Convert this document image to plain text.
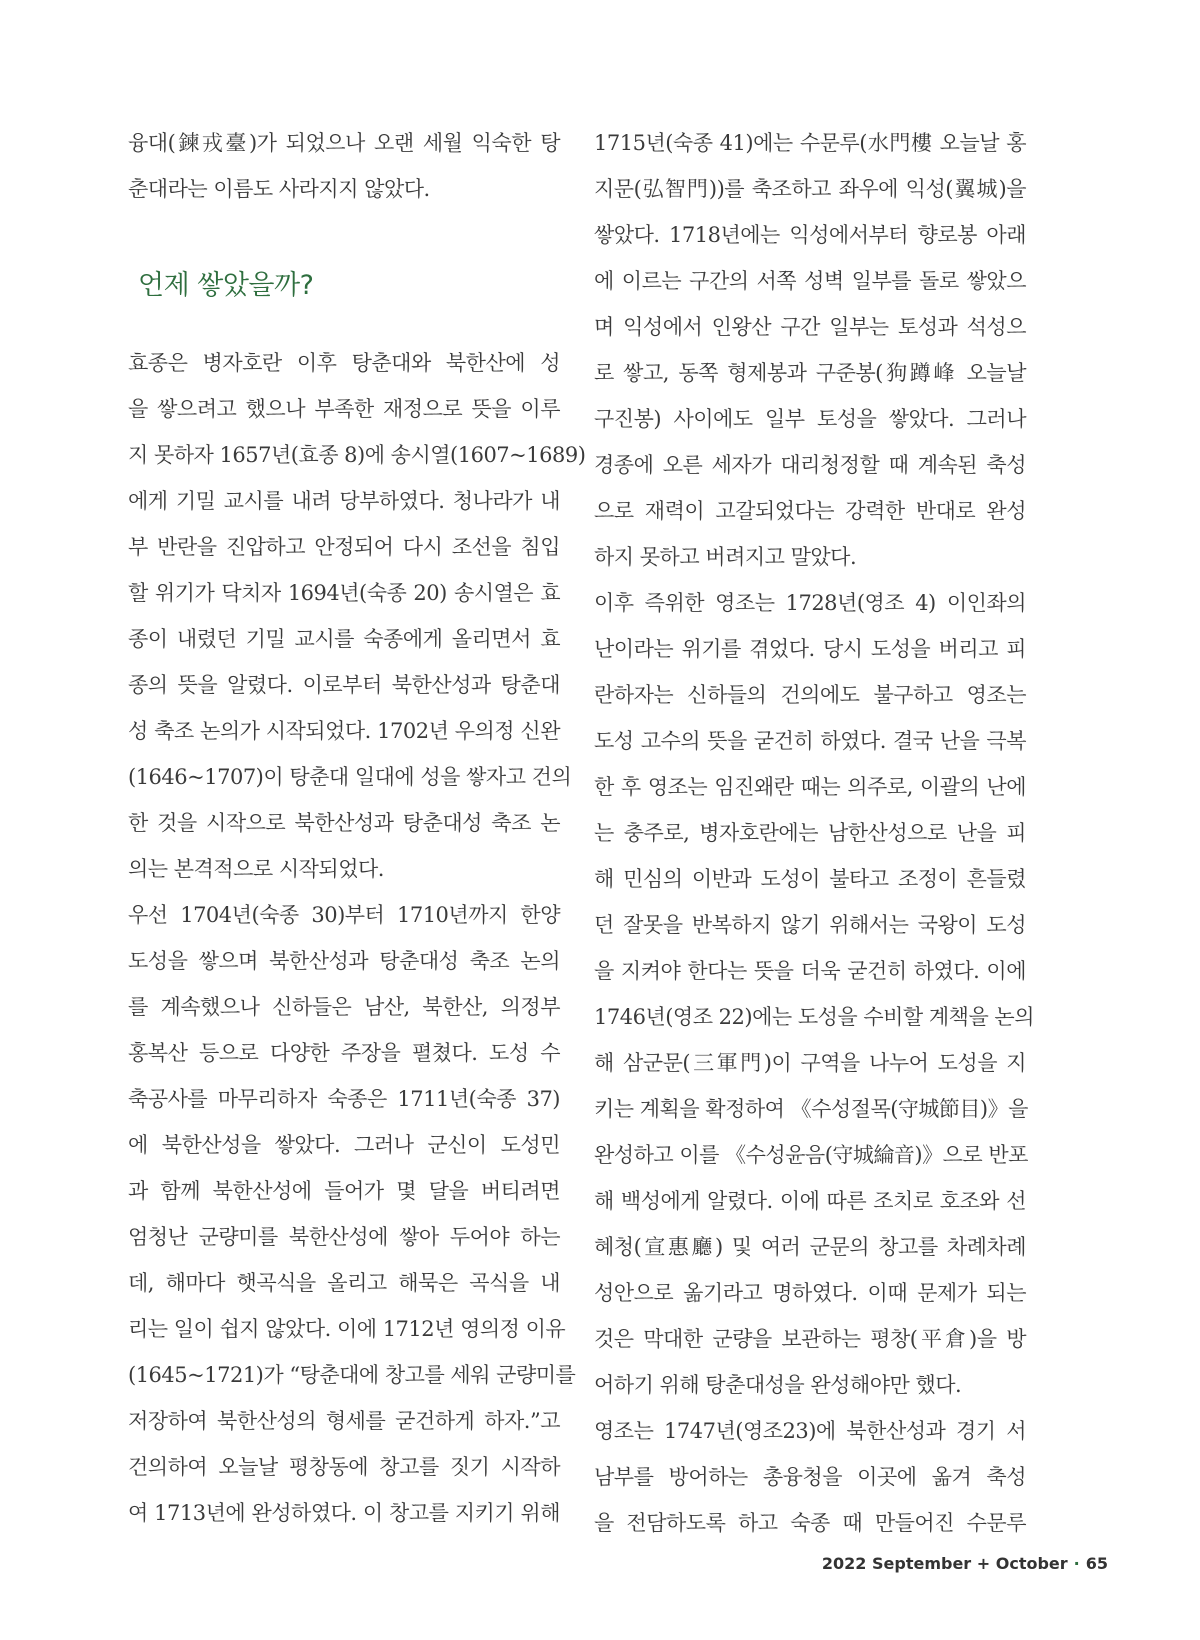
융대(鍊戎臺)가 되었으나 오랜 세월 익숙한 탕
춘대라는 이름도 사라지지 않았다.
언제 쌓았을까?
효종은 병자호란 이후 탕춘대와 북한산에 성
을 쌓으려고 했으나 부족한 재정으로 뜻을 이루
지 못하자 1657년(효종 8)에 송시열(1607~1689)
에게 기밀 교시를 내려 당부하였다. 청나라가 내
부 반란을 진압하고 안정되어 다시 조선을 침입
할 위기가 닥치자 1694년(숙종 20) 송시열은 효
종이 내렸던 기밀 교시를 숙종에게 올리면서 효
종의 뜻을 알렸다. 이로부터 북한산성과 탕춘대
성 축조 논의가 시작되었다. 1702년 우의정 신완
(1646~1707)이 탕춘대 일대에 성을 쌓자고 건의
한 것을 시작으로 북한산성과 탕춘대성 축조 논
의는 본격적으로 시작되었다.
우선 1704년(숙종 30)부터 1710년까지 한양
도성을 쌓으며 북한산성과 탕춘대성 축조 논의
를 계속했으나 신하들은 남산, 북한산, 의정부
홍복산 등으로 다양한 주장을 펼쳤다. 도성 수
축공사를 마무리하자 숙종은 1711년(숙종 37)
에 북한산성을 쌓았다. 그러나 군신이 도성민
과 함께 북한산성에 들어가 몇 달을 버티려면
엄청난 군량미를 북한산성에 쌓아 두어야 하는
데, 해마다 햇곡식을 올리고 해묵은 곡식을 내
리는 일이 쉽지 않았다. 이에 1712년 영의정 이유
(1645~1721)가 “탕춘대에 창고를 세워 군량미를
저장하여 북한산성의 형세를 굳건하게 하자.”고
건의하여 오늘날 평창동에 창고를 짓기 시작하
여 1713년에 완성하였다. 이 창고를 지키기 위해
1715년(숙종 41)에는 수문루(水門樓 오늘날 홍
지문(弘智門))를 축조하고 좌우에 익성(翼城)을
쌓았다. 1718년에는 익성에서부터 향로봉 아래
에 이르는 구간의 서쪽 성벽 일부를 돌로 쌓았으
며 익성에서 인왕산 구간 일부는 토성과 석성으
로 쌓고, 동쪽 형제봉과 구준봉(狗蹲峰 오늘날
구진봉) 사이에도 일부 토성을 쌓았다. 그러나
경종에 오른 세자가 대리청정할 때 계속된 축성
으로 재력이 고갈되었다는 강력한 반대로 완성
하지 못하고 버려지고 말았다.
이후 즉위한 영조는 1728년(영조 4) 이인좌의
난이라는 위기를 겪었다. 당시 도성을 버리고 피
란하자는 신하들의 건의에도 불구하고 영조는
도성 고수의 뜻을 굳건히 하였다. 결국 난을 극복
한 후 영조는 임진왜란 때는 의주로, 이괄의 난에
는 충주로, 병자호란에는 남한산성으로 난을 피
해 민심의 이반과 도성이 불타고 조정이 흔들렸
던 잘못을 반복하지 않기 위해서는 국왕이 도성
을 지켜야 한다는 뜻을 더욱 굳건히 하였다. 이에
1746년(영조 22)에는 도성을 수비할 계책을 논의
해 삼군문(三軍門)이 구역을 나누어 도성을 지
키는 계획을 확정하여 《수성절목(守城節目)》을
완성하고 이를 《수성윤음(守城綸音)》으로 반포
해 백성에게 알렸다. 이에 따른 조치로 호조와 선
혜청(宣惠廳) 및 여러 군문의 창고를 차례차례
성안으로 옮기라고 명하였다. 이때 문제가 되는
것은 막대한 군량을 보관하는 평창(平倉)을 방
어하기 위해 탕춘대성을 완성해야만 했다.
영조는 1747년(영조23)에 북한산성과 경기 서
남부를 방어하는 총융청을 이곳에 옮겨 축성
을 전담하도록 하고 숙종 때 만들어진 수문루
2022 September + October · 65
